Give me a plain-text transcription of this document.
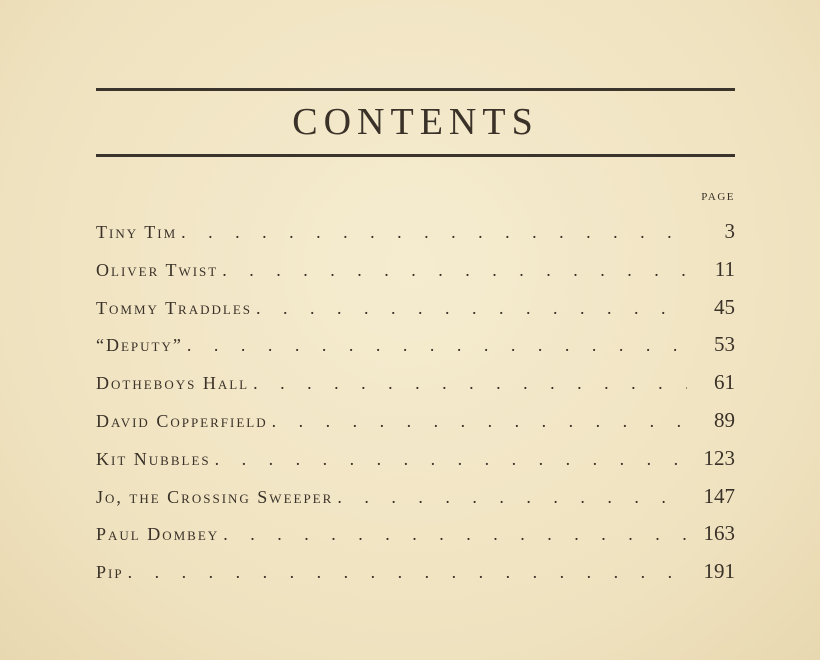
CONTENTS
PAGE
Tiny Tim . . .	3
Oliver Twist . . .	11
Tommy Traddles . . .	45
“Deputy” . . .	53
Dotheboys Hall . . .	61
David Copperfield . . .	89
Kit Nubbles . . .	123
Jo, the Crossing Sweeper . . .	147
Paul Dombey . . .	163
Pip . . .	191
